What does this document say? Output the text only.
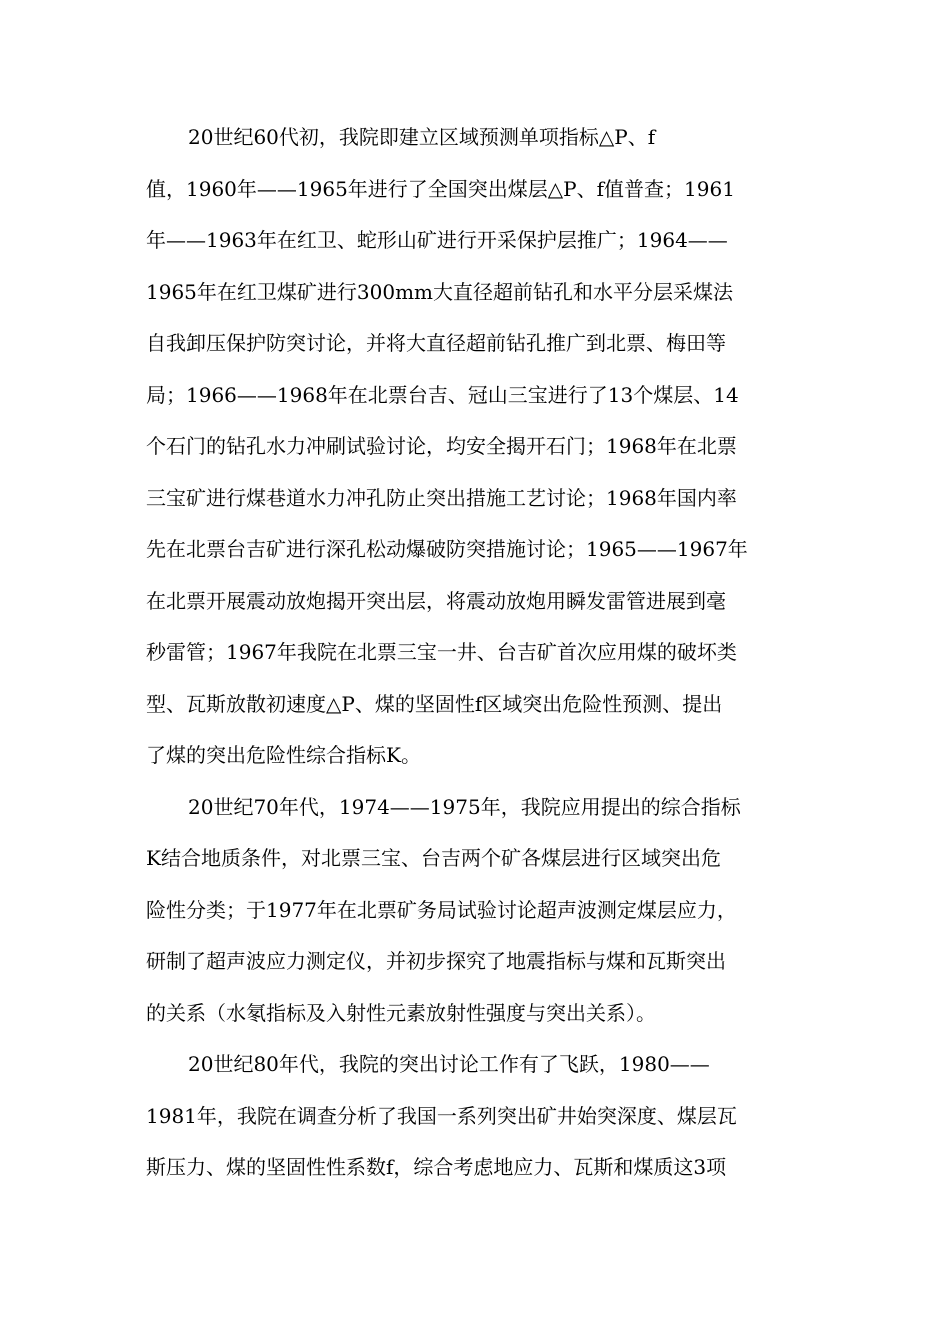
20世纪60代初，我院即建立区域预测单项指标△P、f
值，1960年——1965年进行了全国突出煤层△P、f值普查；1961
年——1963年在红卫、蛇形山矿进行开采保护层推广；1964——
1965年在红卫煤矿进行300mm大直径超前钻孔和水平分层采煤法
自我卸压保护防突讨论，并将大直径超前钻孔推广到北票、梅田等
局；1966——1968年在北票台吉、冠山三宝进行了13个煤层、14
个石门的钻孔水力冲刷试验讨论，均安全揭开石门；1968年在北票
三宝矿进行煤巷道水力冲孔防止突出措施工艺讨论；1968年国内率
先在北票台吉矿进行深孔松动爆破防突措施讨论；1965——1967年
在北票开展震动放炮揭开突出层，将震动放炮用瞬发雷管进展到毫
秒雷管；1967年我院在北票三宝一井、台吉矿首次应用煤的破坏类
型、瓦斯放散初速度△P、煤的坚固性f区域突出危险性预测、提出
了煤的突出危险性综合指标K。
20世纪70年代，1974——1975年，我院应用提出的综合指标
K结合地质条件，对北票三宝、台吉两个矿各煤层进行区域突出危
险性分类；于1977年在北票矿务局试验讨论超声波测定煤层应力，
研制了超声波应力测定仪，并初步探究了地震指标与煤和瓦斯突出
的关系（水氡指标及入射性元素放射性强度与突出关系）。
20世纪80年代，我院的突出讨论工作有了飞跃，1980——
1981年，我院在调查分析了我国一系列突出矿井始突深度、煤层瓦
斯压力、煤的坚固性性系数f，综合考虑地应力、瓦斯和煤质这3项
